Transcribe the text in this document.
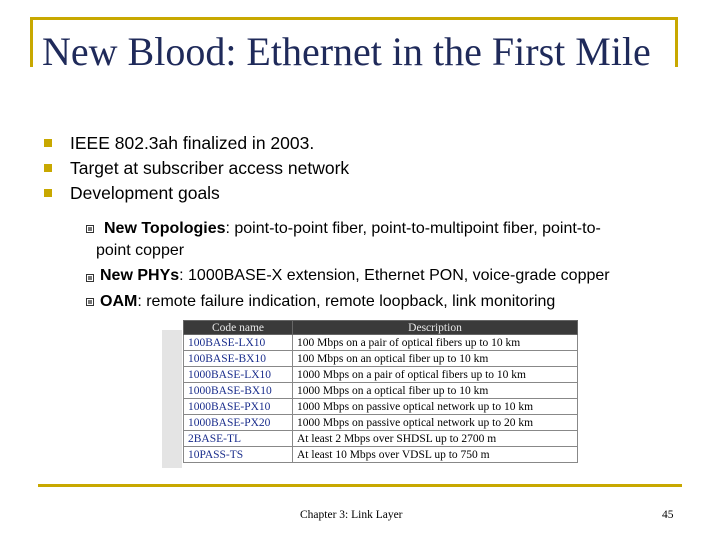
New Blood: Ethernet in the First Mile
IEEE 802.3ah finalized in 2003.
Target at subscriber access network
Development goals
New Topologies: point-to-point fiber, point-to-multipoint fiber, point-to-
point copper
New PHYs: 1000BASE-X extension, Ethernet PON, voice-grade copper
OAM: remote failure indication, remote loopback, link monitoring
Code name	Description
100BASE-LX10	100 Mbps on a pair of optical fibers up to 10 km
100BASE-BX10	100 Mbps on an optical fiber up to 10 km
1000BASE-LX10	1000 Mbps on a pair of optical fibers up to 10 km
1000BASE-BX10	1000 Mbps on a optical fiber up to 10 km
1000BASE-PX10	1000 Mbps on passive optical network up to 10 km
1000BASE-PX20	1000 Mbps on passive optical network up to 20 km
2BASE-TL	At least 2 Mbps over SHDSL up to 2700 m
10PASS-TS	At least 10 Mbps over VDSL up to 750 m
Chapter 3: Link Layer	45
